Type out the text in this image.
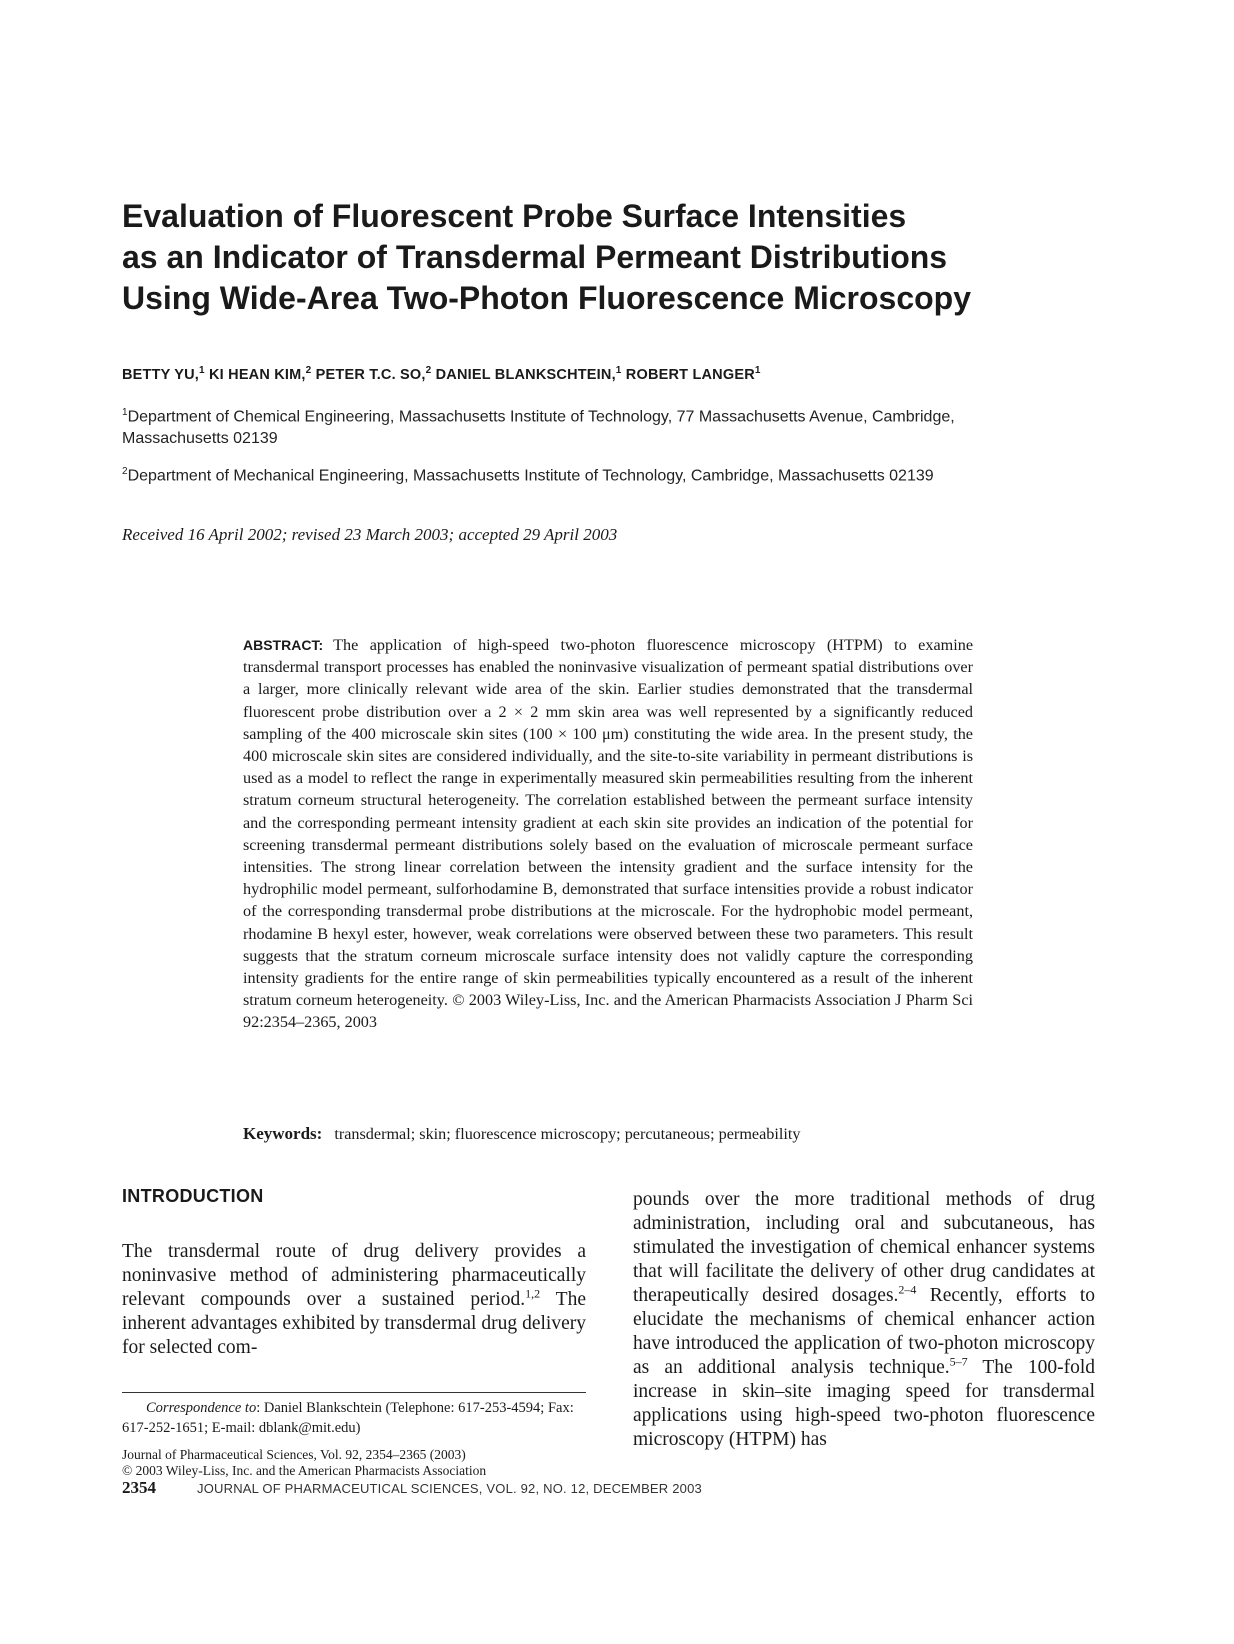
Evaluation of Fluorescent Probe Surface Intensities
as an Indicator of Transdermal Permeant Distributions
Using Wide-Area Two-Photon Fluorescence Microscopy
BETTY YU,$^1$ KI HEAN KIM,$^2$ PETER T.C. SO,$^2$ DANIEL BLANKSCHTEIN,$^1$ ROBERT LANGER$^1$
$^1$Department of Chemical Engineering, Massachusetts Institute of Technology, 77 Massachusetts Avenue, Cambridge, Massachusetts 02139
$^2$Department of Mechanical Engineering, Massachusetts Institute of Technology, Cambridge, Massachusetts 02139
Received 16 April 2002; revised 23 March 2003; accepted 29 April 2003

ABSTRACT: The application of high-speed two-photon fluorescence microscopy (HTPM) to examine transdermal transport processes has enabled the noninvasive visualization of permeant spatial distributions over a larger, more clinically relevant wide area of the skin. Earlier studies demonstrated that the transdermal fluorescent probe distribution over a 2 × 2 mm skin area was well represented by a significantly reduced sampling of the 400 microscale skin sites (100 × 100 μm) constituting the wide area. In the present study, the 400 microscale skin sites are considered individually, and the site-to-site variability in permeant distributions is used as a model to reflect the range in experimentally measured skin permeabilities resulting from the inherent stratum corneum structural heterogeneity. The correlation established between the permeant surface intensity and the corresponding permeant intensity gradient at each skin site provides an indication of the potential for screening transdermal permeant distributions solely based on the evaluation of microscale permeant surface intensities. The strong linear correlation between the intensity gradient and the surface intensity for the hydrophilic model permeant, sulforhodamine B, demonstrated that surface intensities provide a robust indicator of the corresponding transdermal probe distributions at the microscale. For the hydrophobic model permeant, rhodamine B hexyl ester, however, weak correlations were observed between these two parameters. This result suggests that the stratum corneum microscale surface intensity does not validly capture the corresponding intensity gradients for the entire range of skin permeabilities typically encountered as a result of the inherent stratum corneum heterogeneity. © 2003 Wiley-Liss, Inc. and the American Pharmacists Association J Pharm Sci 92:2354–2365, 2003

Keywords: transdermal; skin; fluorescence microscopy; percutaneous; permeability
INTRODUCTION
The transdermal route of drug delivery provides a noninvasive method of administering pharmaceutically relevant compounds over a sustained period.$^{1,2}$ The inherent advantages exhibited by transdermal drug delivery for selected com-
pounds over the more traditional methods of drug administration, including oral and subcutaneous, has stimulated the investigation of chemical enhancer systems that will facilitate the delivery of other drug candidates at therapeutically desired dosages.$^{2-4}$ Recently, efforts to elucidate the mechanisms of chemical enhancer action have introduced the application of two-photon microscopy as an additional analysis technique.$^{5-7}$ The 100-fold increase in skin–site imaging speed for transdermal applications using high-speed two-photon fluorescence microscopy (HTPM) has
Correspondence to: Daniel Blankschtein (Telephone: 617-253-4594; Fax: 617-252-1651; E-mail: dblank@mit.edu)
Journal of Pharmaceutical Sciences, Vol. 92, 2354–2365 (2003)
© 2003 Wiley-Liss, Inc. and the American Pharmacists Association
2354	JOURNAL OF PHARMACEUTICAL SCIENCES, VOL. 92, NO. 12, DECEMBER 2003
